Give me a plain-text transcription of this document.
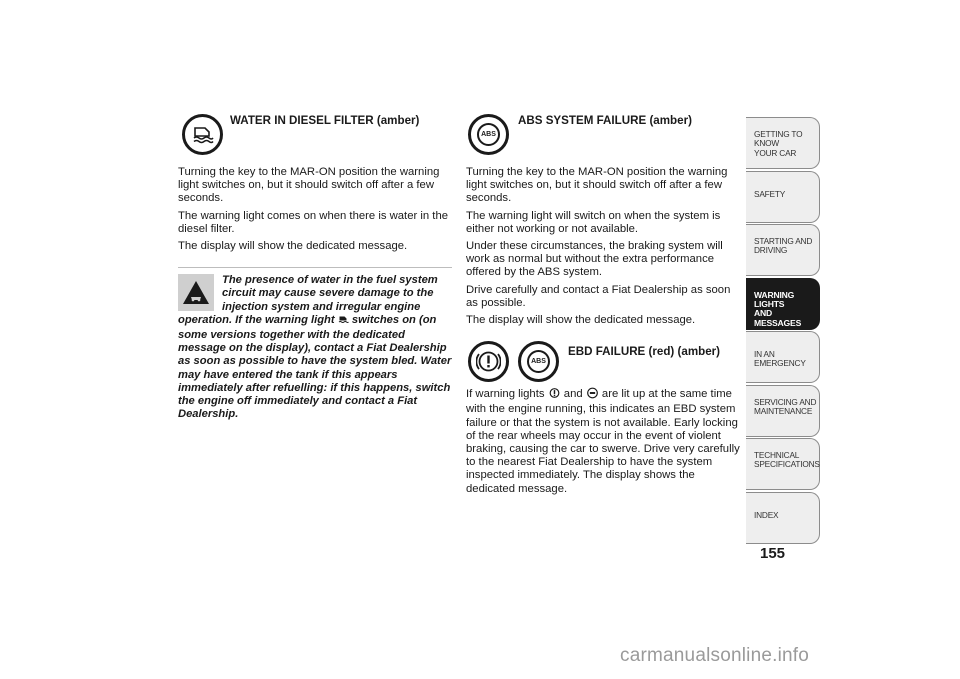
WATER IN DIESEL FILTER (amber)

Turning the key to the MAR-ON position the warning light switches on, but it should switch off after a few seconds.

The warning light comes on when there is water in the diesel filter.

The display will show the dedicated message.

The presence of water in the fuel system circuit may cause severe damage to the injection system and irregular engine operation. If the warning light switches on (on some versions together with the dedicated message on the display), contact a Fiat Dealership as soon as possible to have the system bled. Water may have entered the tank if this appears immediately after refuelling: if this happens, switch the engine off immediately and contact a Fiat Dealership.
ABS
ABS SYSTEM FAILURE (amber)

Turning the key to the MAR-ON position the warning light switches on, but it should switch off after a few seconds.

The warning light will switch on when the system is either not working or not available.

Under these circumstances, the braking system will work as normal but without the extra performance offered by the ABS system.

Drive carefully and contact a Fiat Dealership as soon as possible.

The display will show the dedicated message.

ABS
EBD FAILURE (red) (amber)

If warning lights and are lit up at the same time with the engine running, this indicates an EBD system failure or that the system is not available. Early locking of the rear wheels may occur in the event of violent braking, causing the car to swerve. Drive very carefully to the nearest Fiat Dealership to have the system inspected immediately. The display shows the dedicated message.

GETTING TO KNOW
YOUR CAR
SAFETY

STARTING AND
DRIVING
WARNING LIGHTS
AND MESSAGES
IN AN EMERGENCY

SERVICING AND
MAINTENANCE
TECHNICAL
SPECIFICATIONS
INDEX

155
carmanualsonline.info
